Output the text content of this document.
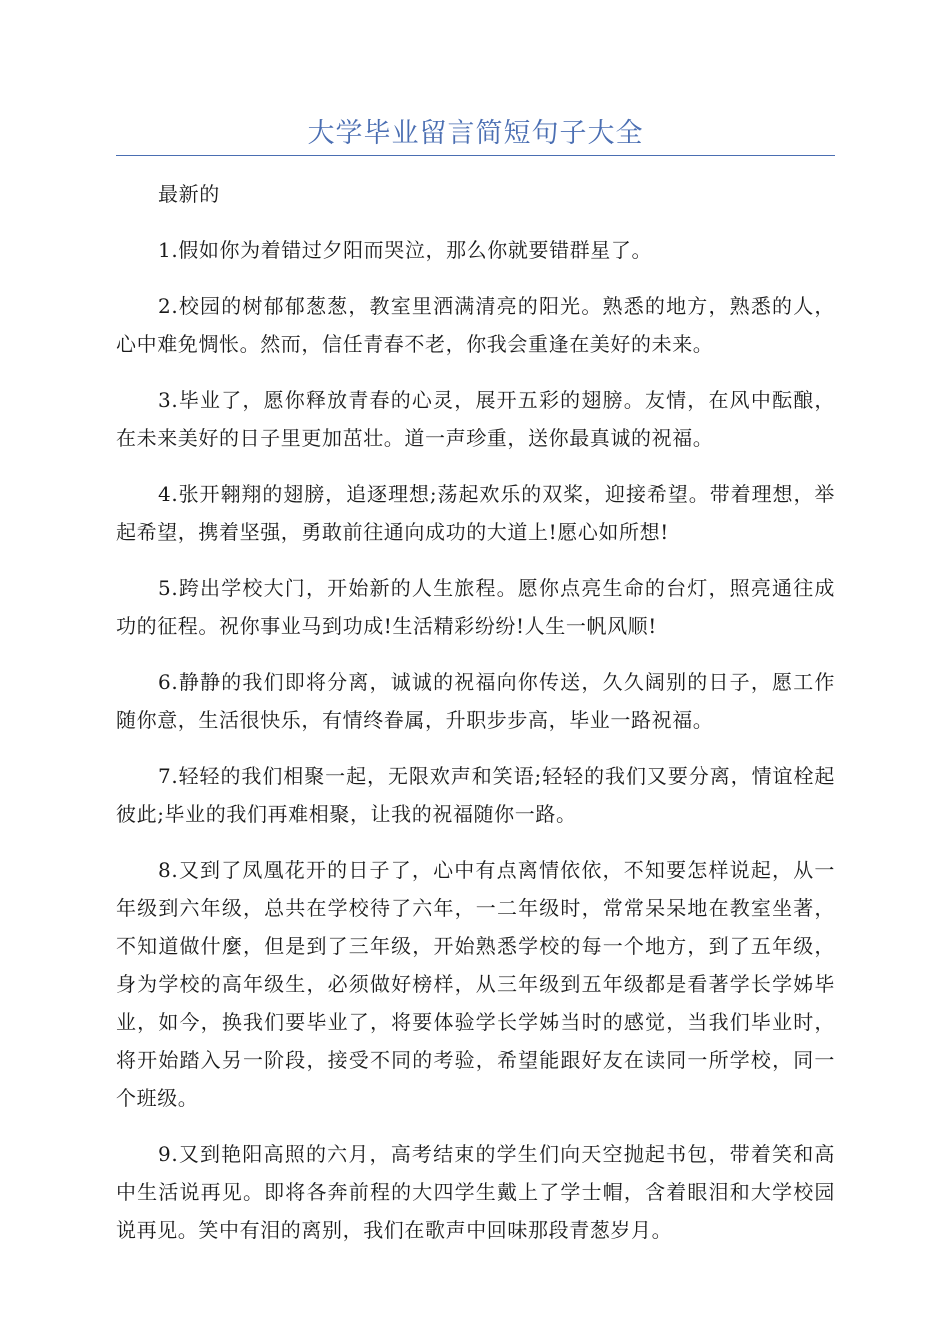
大学毕业留言简短句子大全

最新的

1.假如你为着错过夕阳而哭泣，那么你就要错群星了。

2.校园的树郁郁葱葱，教室里洒满清亮的阳光。熟悉的地方，熟悉的人，心中难免惆怅。然而，信任青春不老，你我会重逢在美好的未来。

3.毕业了，愿你释放青春的心灵，展开五彩的翅膀。友情，在风中酝酿，在未来美好的日子里更加茁壮。道一声珍重，送你最真诚的祝福。

4.张开翱翔的翅膀，追逐理想;荡起欢乐的双桨，迎接希望。带着理想，举起希望，携着坚强，勇敢前往通向成功的大道上!愿心如所想!

5.跨出学校大门，开始新的人生旅程。愿你点亮生命的台灯，照亮通往成功的征程。祝你事业马到功成!生活精彩纷纷!人生一帆风顺!

6.静静的我们即将分离，诚诚的祝福向你传送，久久阔别的日子，愿工作随你意，生活很快乐，有情终眷属，升职步步高，毕业一路祝福。

7.轻轻的我们相聚一起，无限欢声和笑语;轻轻的我们又要分离，情谊栓起彼此;毕业的我们再难相聚，让我的祝福随你一路。

8.又到了凤凰花开的日子了，心中有点离情依依，不知要怎样说起，从一年级到六年级，总共在学校待了六年，一二年级时，常常呆呆地在教室坐著，不知道做什麼，但是到了三年级，开始熟悉学校的每一个地方，到了五年级，身为学校的高年级生，必须做好榜样，从三年级到五年级都是看著学长学姊毕业，如今，换我们要毕业了，将要体验学长学姊当时的感觉，当我们毕业时，将开始踏入另一阶段，接受不同的考验，希望能跟好友在读同一所学校，同一个班级。

9.又到艳阳高照的六月，高考结束的学生们向天空抛起书包，带着笑和高中生活说再见。即将各奔前程的大四学生戴上了学士帽，含着眼泪和大学校园说再见。笑中有泪的离别，我们在歌声中回味那段青葱岁月。
